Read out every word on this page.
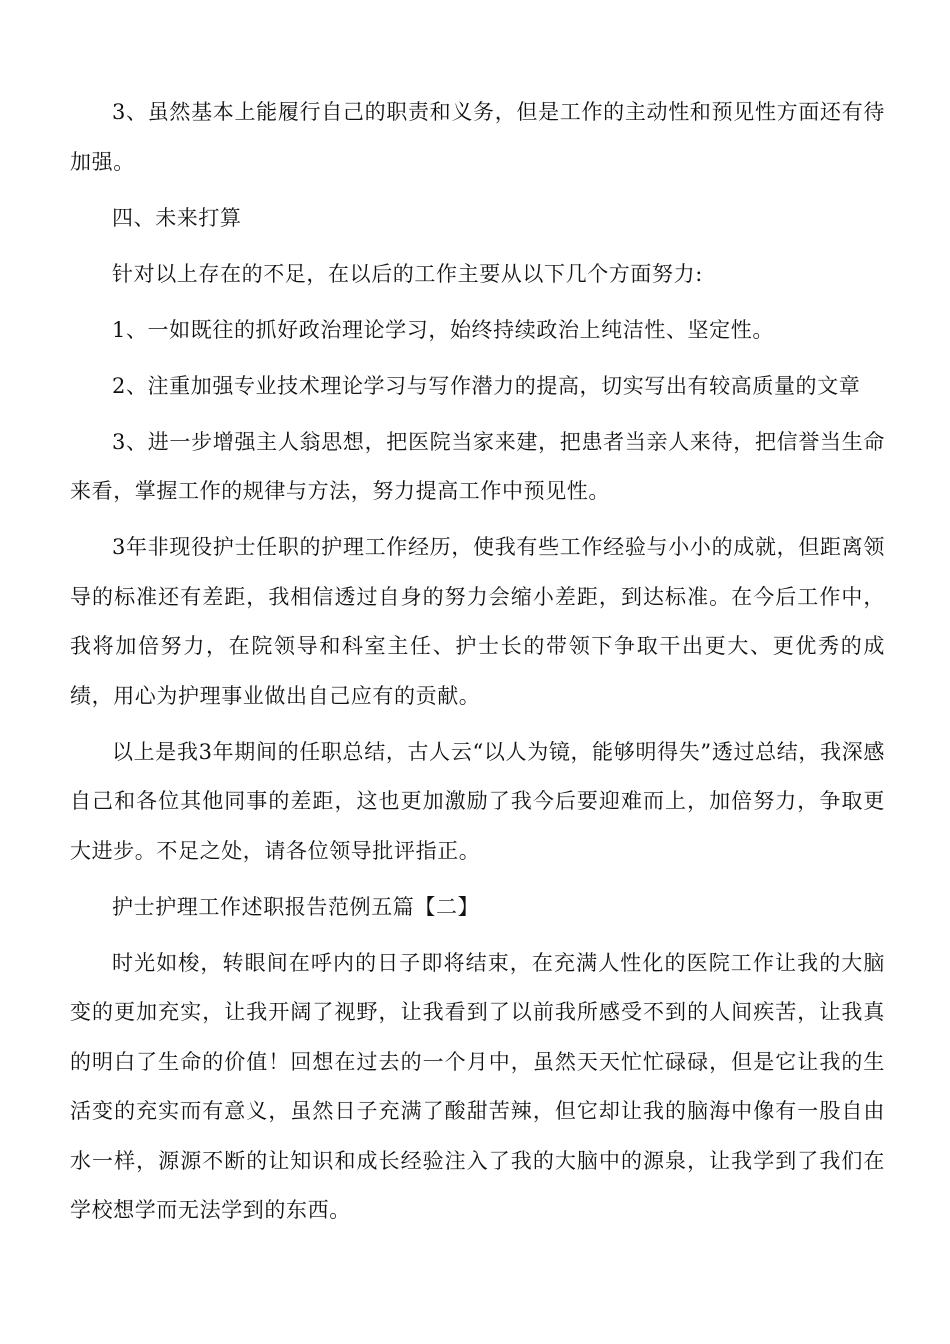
3、虽然基本上能履行自己的职责和义务，但是工作的主动性和预见性方面还有待加强。

四、未来打算

针对以上存在的不足，在以后的工作主要从以下几个方面努力:

1、一如既往的抓好政治理论学习，始终持续政治上纯洁性、坚定性。

2、注重加强专业技术理论学习与写作潜力的提高，切实写出有较高质量的文章

3、进一步增强主人翁思想，把医院当家来建，把患者当亲人来待，把信誉当生命来看，掌握工作的规律与方法，努力提高工作中预见性。

3年非现役护士任职的护理工作经历，使我有些工作经验与小小的成就，但距离领导的标准还有差距，我相信透过自身的努力会缩小差距，到达标准。在今后工作中，我将加倍努力，在院领导和科室主任、护士长的带领下争取干出更大、更优秀的成绩，用心为护理事业做出自己应有的贡献。

以上是我3年期间的任职总结，古人云“以人为镜，能够明得失”透过总结，我深感自己和各位其他同事的差距，这也更加激励了我今后要迎难而上，加倍努力，争取更大进步。不足之处，请各位领导批评指正。

护士护理工作述职报告范例五篇【二】

时光如梭，转眼间在呼内的日子即将结束，在充满人性化的医院工作让我的大脑变的更加充实，让我开阔了视野，让我看到了以前我所感受不到的人间疾苦，让我真的明白了生命的价值！回想在过去的一个月中，虽然天天忙忙碌碌，但是它让我的生活变的充实而有意义，虽然日子充满了酸甜苦辣，但它却让我的脑海中像有一股自由水一样，源源不断的让知识和成长经验注入了我的大脑中的源泉，让我学到了我们在学校想学而无法学到的东西。
